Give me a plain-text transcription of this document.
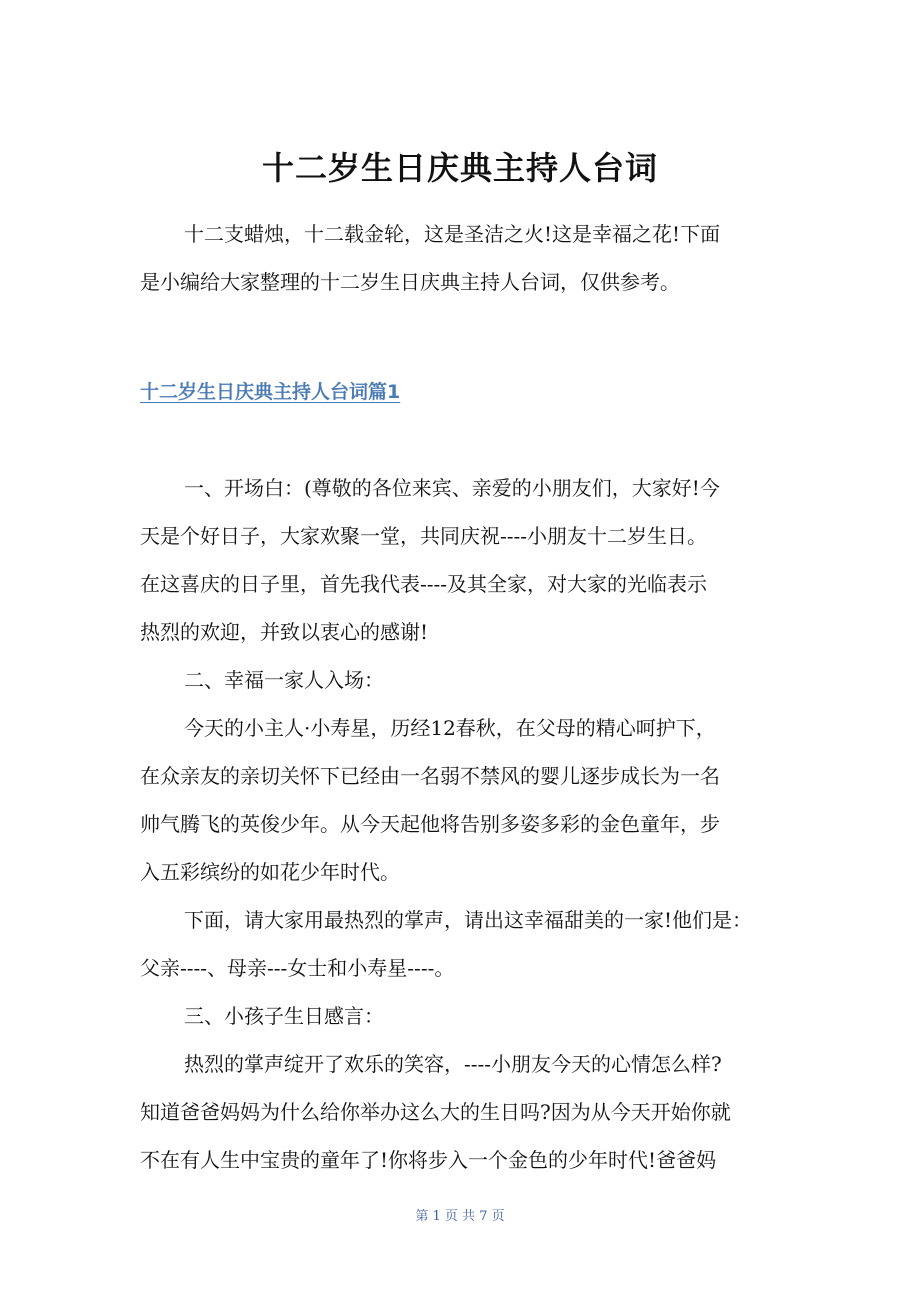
十二岁生日庆典主持人台词
十二支蜡烛，十二载金轮，这是圣洁之火!这是幸福之花!下面
是小编给大家整理的十二岁生日庆典主持人台词，仅供参考。
十二岁生日庆典主持人台词篇1
一、开场白：(尊敬的各位来宾、亲爱的小朋友们，大家好!今
天是个好日子，大家欢聚一堂，共同庆祝----小朋友十二岁生日。
在这喜庆的日子里，首先我代表----及其全家，对大家的光临表示
热烈的欢迎，并致以衷心的感谢!
二、幸福一家人入场：
今天的小主人·小寿星，历经12春秋，在父母的精心呵护下，
在众亲友的亲切关怀下已经由一名弱不禁风的婴儿逐步成长为一名
帅气腾飞的英俊少年。从今天起他将告别多姿多彩的金色童年，步
入五彩缤纷的如花少年时代。
下面，请大家用最热烈的掌声，请出这幸福甜美的一家!他们是：
父亲----、母亲---女士和小寿星----。
三、小孩子生日感言：
热烈的掌声绽开了欢乐的笑容，----小朋友今天的心情怎么样?
知道爸爸妈妈为什么给你举办这么大的生日吗?因为从今天开始你就
不在有人生中宝贵的童年了!你将步入一个金色的少年时代!爸爸妈
第 1 页 共 7 页
